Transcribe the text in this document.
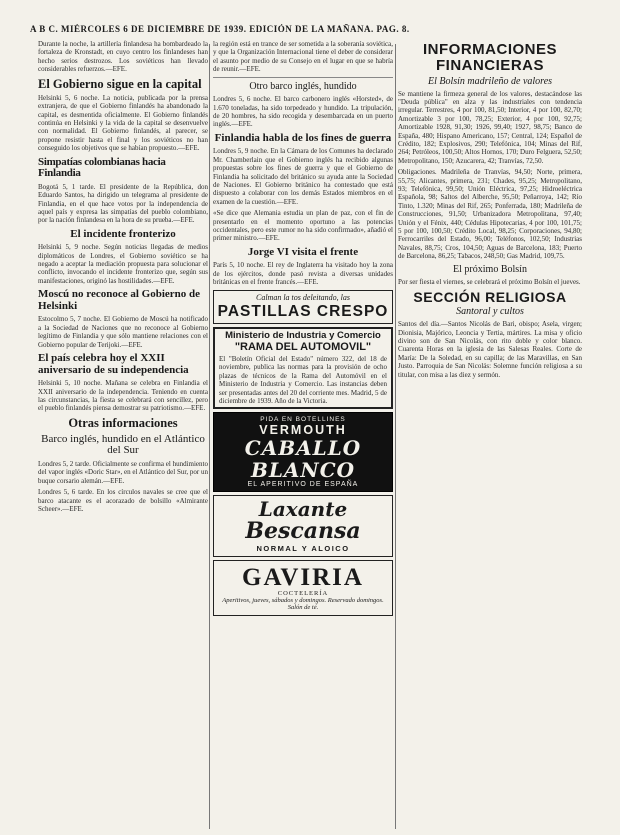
A B C. MIÉRCOLES 6 DE DICIEMBRE DE 1939. EDICIÓN DE LA MAÑANA. PAG. 8.

Durante la noche, la artillería finlandesa ha bombardeado la fortaleza de Kronstadt, en cuyo centro los finlandeses han hecho serios destrozos. Los soviéticos han llevado considerables refuerzos.—EFE.

El Gobierno sigue en la capital

Helsinki 5, 6 noche. La noticia, publicada por la prensa extranjera, de que el Gobierno finlandés ha abandonado la capital, es desmentida oficialmente. El Gobierno finlandés continúa en Helsinki y la vida de la capital se desenvuelve con normalidad. El Gobierno finlandés, al parecer, se propone resistir hasta el final y los soviéticos no han conseguido los objetivos que se habían propuesto.—EFE.

Simpatías colombianas hacia Finlandia

Bogotá 5, 1 tarde. El presidente de la República, don Eduardo Santos, ha dirigido un telegrama al presidente de Finlandia, en el que hace votos por la independencia de aquel país y expresa las simpatías del pueblo colombiano, por la nación finlandesa en la hora de su prueba.—EFE.

El incidente fronterizo

Helsinki 5, 9 noche. Según noticias llegadas de medios diplomáticos de Londres, el Gobierno soviético se ha negado a aceptar la mediación propuesta para solucionar el conflicto, invocando el incidente fronterizo que, según sus manifestaciones, originó las hostilidades.—EFE.

Moscú no reconoce al Gobierno de Helsinki

Estocolmo 5, 7 noche. El Gobierno de Moscú ha notificado a la Sociedad de Naciones que no reconoce al Gobierno legítimo de Finlandia y que sólo mantiene relaciones con el Gobierno popular de Terijoki.—EFE.

El país celebra hoy el XXII aniversario de su independencia

Helsinki 5, 10 noche. Mañana se celebra en Finlandia el XXII aniversario de la independencia. Teniendo en cuenta las circunstancias, la fiesta se celebrará con sencillez, pero el pueblo finlandés piensa demostrar su patriotismo.—EFE.

Otras informaciones
Barco inglés, hundido en el Atlántico del Sur

Londres 5, 2 tarde. Oficialmente se confirma el hundimiento del vapor inglés «Doric Star», en el Atlántico del Sur, por un buque corsario alemán.—EFE.

Londres 5, 6 tarde. En los círculos navales se cree que el barco atacante es el acorazado de bolsillo «Almirante Scheer».—EFE.

la región está en trance de ser sometida a la soberanía soviética, y que la Organización Internacional tiene el deber de considerar el asunto por medio de su Consejo en el lugar en que se habría de reunir.—EFE.

Otro barco inglés, hundido

Londres 5, 6 noche. El barco carbonero inglés «Horsted», de 1.670 toneladas, ha sido torpedeado y hundido. La tripulación, de 20 hombres, ha sido recogida y desembarcada en un puerto inglés.—EFE.

Finlandia habla de los fines de guerra

Londres 5, 9 noche. En la Cámara de los Comunes ha declarado Mr. Chamberlain que el Gobierno inglés ha recibido algunas propuestas sobre los fines de guerra y que el Gobierno de Finlandia ha solicitado del británico su ayuda ante la Sociedad de Naciones. El Gobierno británico ha contestado que está dispuesto a colaborar con los demás Estados miembros en el examen de la cuestión.—EFE.

«Se dice que Alemania estudia un plan de paz, con el fin de presentarlo en el momento oportuno a las potencias occidentales, pero este rumor no ha sido confirmado», añadió el primer ministro.—EFE.

Jorge VI visita el frente

París 5, 10 noche. El rey de Inglaterra ha visitado hoy la zona de los ejércitos, donde pasó revista a diversas unidades británicas en el frente francés.—EFE.

Calman la tos deleitando, las
PASTILLAS CRESPO
Ministerio de Industria y Comercio
"RAMA DEL AUTOMOVIL"

El "Boletín Oficial del Estado" número 322, del 18 de noviembre, publica las normas para la provisión de ocho plazas de técnicos de la Rama del Automóvil en el Ministerio de Industria y Comercio. Las instancias deben ser presentadas antes del 20 del corriente mes. Madrid, 5 de diciembre de 1939. Año de la Victoria.

PIDA EN BOTELLINES
VERMOUTH
CABALLO BLANCO
EL APERITIVO DE ESPAÑA
Laxante
Bescansa
NORMAL Y ALOICO
GAVIRIA
COCTELERÍA
Aperitivos, jueves, sábados y domingos. Reservado domingos. Salón de té.
INFORMACIONES FINANCIERAS
El Bolsín madrileño de valores

Se mantiene la firmeza general de los valores, destacándose las "Deuda pública" en alza y las industriales con tendencia irregular. Terrestres, 4 por 100, 81,50; Interior, 4 por 100, 82,70; Amortizable 3 por 100, 78,25; Exterior, 4 por 100, 92,75; Amortizable 1928, 91,30; 1926, 99,40; 1927, 98,75; Banco de España, 480; Hispano Americano, 157; Central, 124; Español de Crédito, 182; Explosivos, 290; Telefónica, 104; Minas del Rif, 264; Petróleos, 100,50; Altos Hornos, 170; Duro Felguera, 52,50; Metropolitano, 150; Azucarera, 42; Tranvías, 72,50.

Obligaciones. Madrileña de Tranvías, 94,50; Norte, primera, 55,75; Alicantes, primera, 231; Chades, 95,25; Metropolitano, 93; Telefónica, 99,50; Unión Eléctrica, 97,25; Hidroeléctrica Española, 98; Saltos del Alberche, 95,50; Peñarroya, 142; Río Tinto, 1.320; Minas del Rif, 265; Ponferrada, 180; Madrileña de Construcciones, 91,50; Urbanizadora Metropolitana, 97,40; Unión y el Fénix, 440; Cédulas Hipotecarias, 4 por 100, 101,75; 5 por 100, 100,50; Crédito Local, 98,25; Corporaciones, 94,80; Ferrocarriles del Estado, 96,00; Teléfonos, 102,50; Industrias Navales, 88,75; Cros, 104,50; Aguas de Barcelona, 183; Puerto de Barcelona, 86,25; Tabacos, 248,50; Gas Madrid, 109,75.

El próximo Bolsín

Por ser fiesta el viernes, se celebrará el próximo Bolsín el jueves.

SECCIÓN RELIGIOSA
Santoral y cultos

Santos del día.—Santos Nicolás de Bari, obispo; Asela, virgen; Dionisia, Majórico, Leoncia y Tertia, mártires. La misa y oficio divino son de San Nicolás, con rito doble y color blanco. Cuarenta Horas en la iglesia de las Salesas Reales. Corte de María: De la Soledad, en su capilla; de las Maravillas, en San Justo. Parroquia de San Nicolás: Solemne función religiosa a su titular, con misa a las diez y sermón.
